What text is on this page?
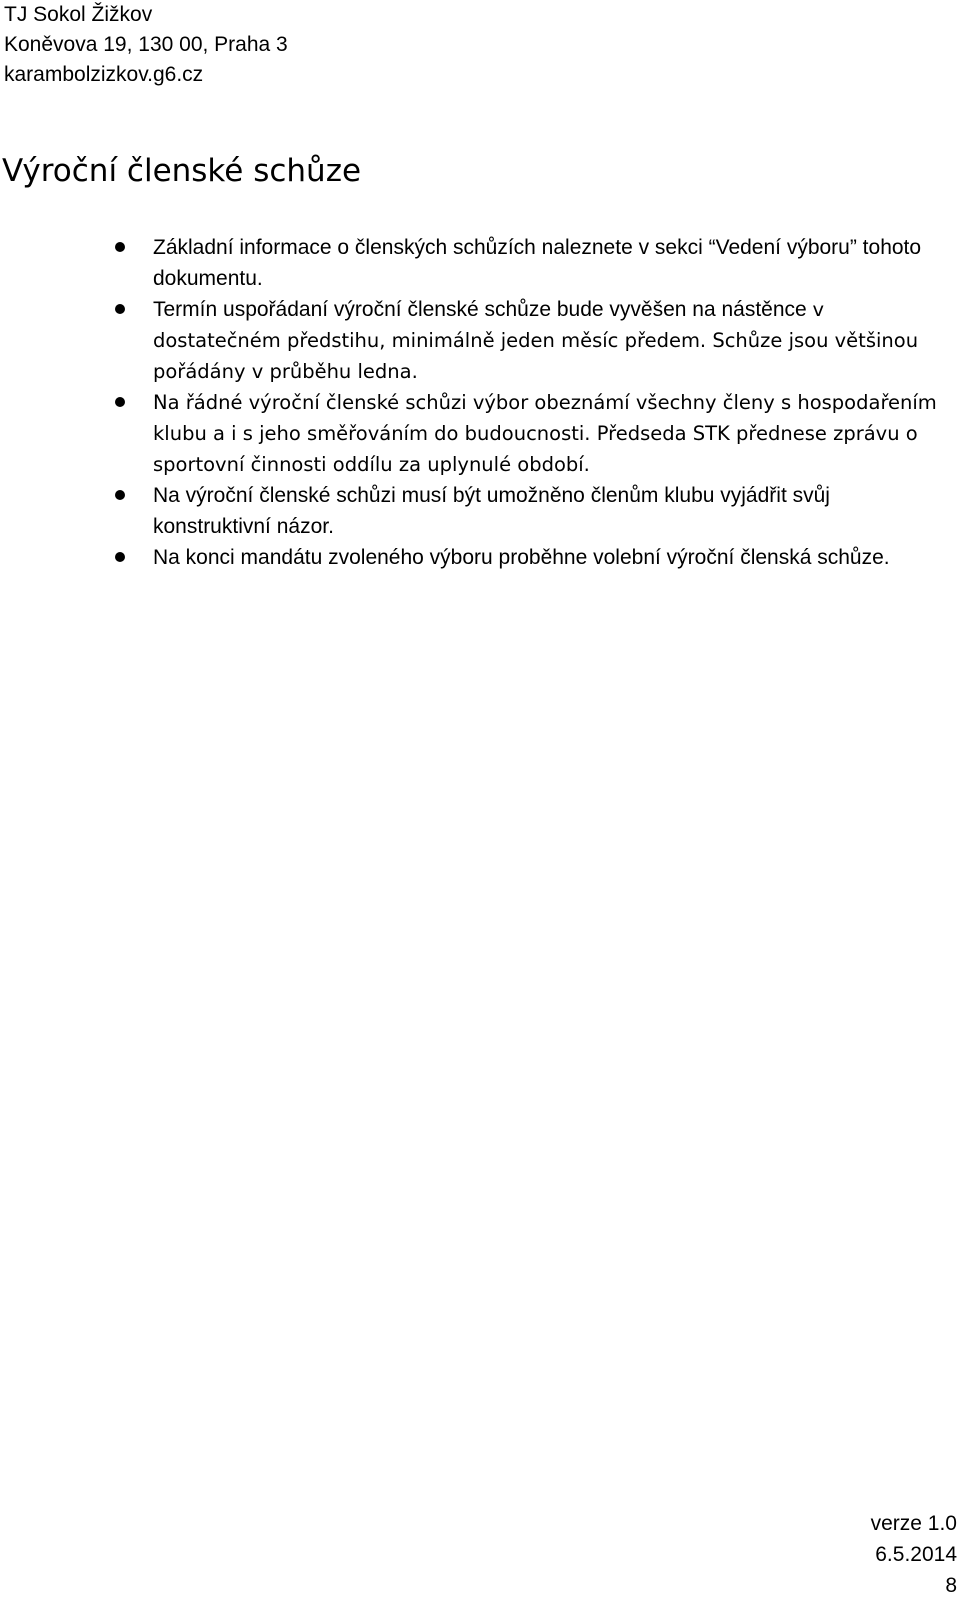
TJ Sokol Žižkov
Koněvova 19, 130 00, Praha 3
karambolzizkov.g6.cz
Výroční členské schůze
Základní informace o členských schůzích naleznete v sekci “Vedení výboru” tohoto dokumentu.
Termín uspořádaní výroční členské schůze bude vyvěšen na nástěnce v dostatečném předstihu, minimálně jeden měsíc předem. Schůze jsou většinou pořádány v průběhu ledna.
Na řádné výroční členské schůzi výbor obeznámí všechny členy s hospodařením klubu a i s jeho směřováním do budoucnosti. Předseda STK přednese zprávu o sportovní činnosti oddílu za uplynulé období.
Na výroční členské schůzi musí být umožněno členům klubu vyjádřit svůj konstruktivní názor.
Na konci mandátu zvoleného výboru proběhne volební výroční členská schůze.
verze 1.0
6.5.2014
8
